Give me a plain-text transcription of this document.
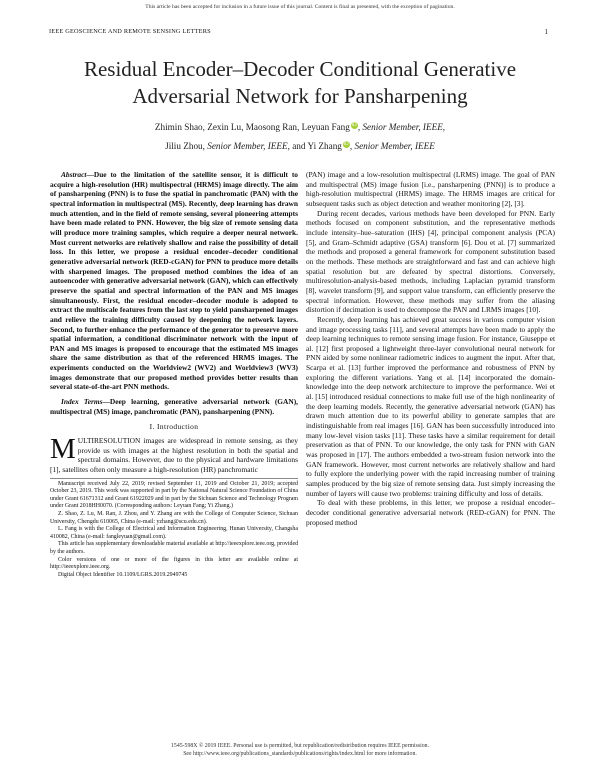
This article has been accepted for inclusion in a future issue of this journal. Content is final as presented, with the exception of pagination.
IEEE GEOSCIENCE AND REMOTE SENSING LETTERS	1
Residual Encoder–Decoder Conditional Generative Adversarial Network for Pansharpening
Zhimin Shao, Zexin Lu, Maosong Ran, Leyuan Fang iD, Senior Member, IEEE,
Jiliu Zhou, Senior Member, IEEE, and Yi Zhang iD, Senior Member, IEEE

Abstract—Due to the limitation of the satellite sensor, it is difficult to acquire a high-resolution (HR) multispectral (HRMS) image directly. The aim of pansharpening (PNN) is to fuse the spatial in panchromatic (PAN) with the spectral information in multispectral (MS). Recently, deep learning has drawn much attention, and in the field of remote sensing, several pioneering attempts have been made related to PNN. However, the big size of remote sensing data will produce more training samples, which require a deeper neural network. Most current networks are relatively shallow and raise the possibility of detail loss. In this letter, we propose a residual encoder–decoder conditional generative adversarial network (RED-cGAN) for PNN to produce more details with sharpened images. The proposed method combines the idea of an autoencoder with generative adversarial network (GAN), which can effectively preserve the spatial and spectral information of the PAN and MS images simultaneously. First, the residual encoder–decoder module is adopted to extract the multiscale features from the last step to yield pansharpened images and relieve the training difficulty caused by deepening the network layers. Second, to further enhance the performance of the generator to preserve more spatial information, a conditional discriminator network with the input of PAN and MS images is proposed to encourage that the estimated MS images share the same distribution as that of the referenced HRMS images. The experiments conducted on the Worldview2 (WV2) and Worldview3 (WV3) images demonstrate that our proposed method provides better results than several state-of-the-art PNN methods.

Index Terms—Deep learning, generative adversarial network (GAN), multispectral (MS) image, panchromatic (PAN), pansharpening (PNN).

I. Introduction

MULTIRESOLUTION images are widespread in remote sensing, as they provide us with images at the highest resolution in both the spatial and spectral domains. However, due to the physical and hardware limitations [1], satellites often only measure a high-resolution (HR) panchromatic

Manuscript received July 22, 2019; revised September 11, 2019 and October 21, 2019; accepted October 23, 2019. This work was supported in part by the National Natural Science Foundation of China under Grant 61671312 and Grant 61922029 and in part by the Sichuan Science and Technology Program under Grant 2018HH0070. (Corresponding authors: Leyuan Fang; Yi Zhang.)

Z. Shao, Z. Lu, M. Ran, J. Zhou, and Y. Zhang are with the College of Computer Science, Sichuan University, Chengdu 610065, China (e-mail: yzhang@scu.edu.cn).

L. Fang is with the College of Electrical and Information Engineering, Hunan University, Changsha 410082, China (e-mail: fangleyuan@gmail.com).

This article has supplementary downloadable material available at http://ieeexplore.ieee.org, provided by the authors.

Color versions of one or more of the figures in this letter are available online at http://ieeexplore.ieee.org.

Digital Object Identifier 10.1109/LGRS.2019.2949745

(PAN) image and a low-resolution multispectral (LRMS) image. The goal of PAN and multispectral (MS) image fusion [i.e., pansharpening (PNN)] is to produce a high-resolution multispectral (HRMS) image. The HRMS images are critical for subsequent tasks such as object detection and weather monitoring [2], [3].

During recent decades, various methods have been developed for PNN. Early methods focused on component substitution, and the representative methods include intensity–hue–saturation (IHS) [4], principal component analysis (PCA) [5], and Gram–Schmidt adaptive (GSA) transform [6]. Dou et al. [7] summarized the methods and proposed a general framework for component substitution based on the methods. These methods are straightforward and fast and can achieve high spatial resolution but are defeated by spectral distortions. Conversely, multiresolution-analysis-based methods, including Laplacian pyramid transform [8], wavelet transform [9], and support value transform, can efficiently preserve the spectral information. However, these methods may suffer from the aliasing distortion if decimation is used to decompose the PAN and LRMS images [10].

Recently, deep learning has achieved great success in various computer vision and image processing tasks [11], and several attempts have been made to apply the deep learning techniques to remote sensing image fusion. For instance, Giuseppe et al. [12] first proposed a lightweight three-layer convolutional neural network for PNN aided by some nonlinear radiometric indices to augment the input. After that, Scarpa et al. [13] further improved the performance and robustness of PNN by exploring the different variations. Yang et al. [14] incorporated the domain-knowledge into the deep network architecture to improve the performance. Wei et al. [15] introduced residual connections to make full use of the high nonlinearity of the deep learning models. Recently, the generative adversarial network (GAN) has drawn much attention due to its powerful ability to generate samples that are indistinguishable from real images [16]. GAN has been successfully introduced into many low-level vision tasks [11]. These tasks have a similar requirement for detail preservation as that of PNN. To our knowledge, the only task for PNN with GAN was proposed in [17]. The authors embedded a two-stream fusion network into the GAN framework. However, most current networks are relatively shallow and hard to fully explore the underlying power with the rapid increasing number of training samples produced by the big size of remote sensing data. Just simply increasing the number of layers will cause two problems: training difficulty and loss of details.

To deal with these problems, in this letter, we propose a residual encoder–decoder conditional generative adversarial network (RED-cGAN) for PNN. The proposed method

1545-598X © 2019 IEEE. Personal use is permitted, but republication/redistribution requires IEEE permission.
See http://www.ieee.org/publications_standards/publications/rights/index.html for more information.
